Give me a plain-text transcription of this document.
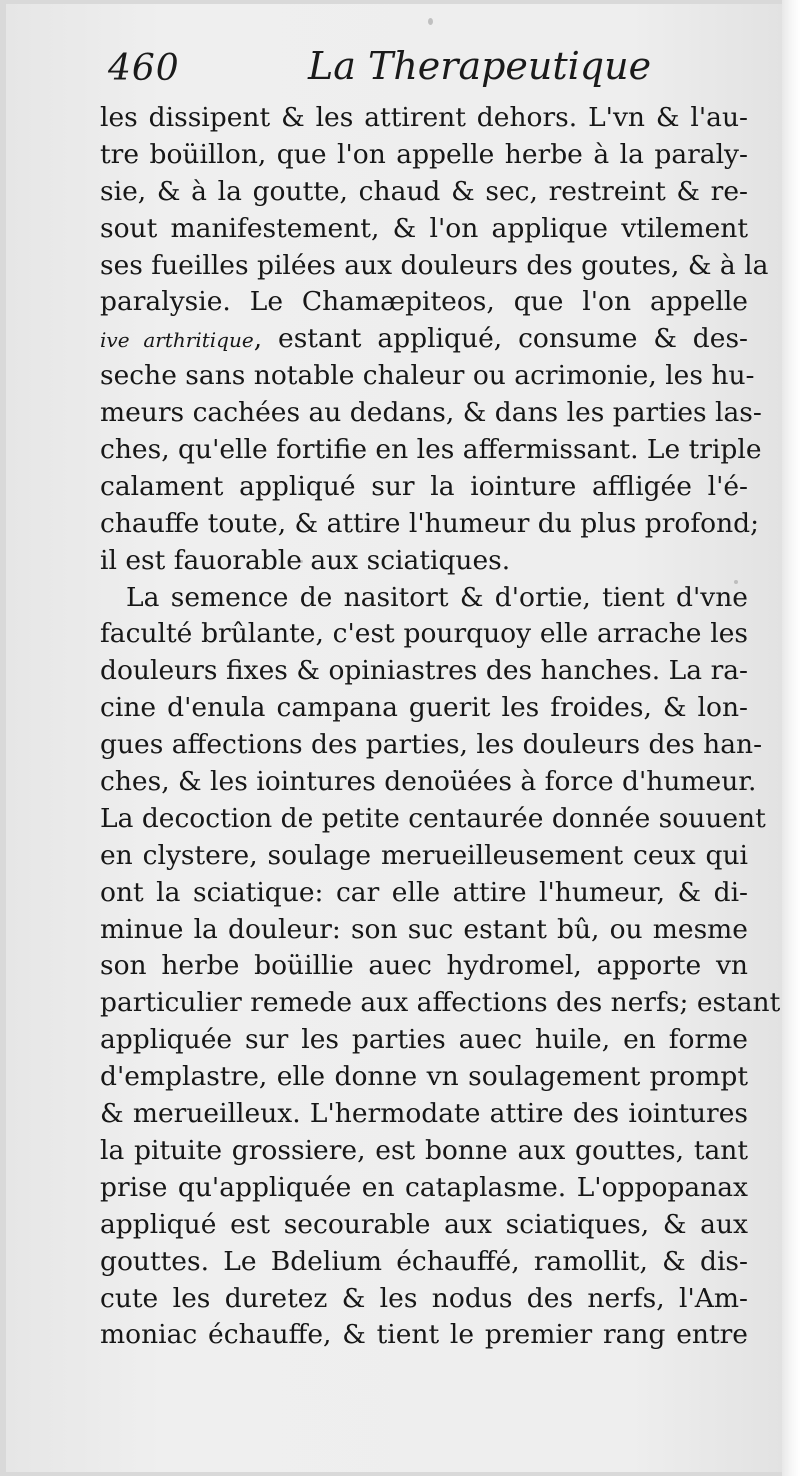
460	La Therapeutique
les dissipent & les attirent dehors. L'vn & l'au-
tre boüillon, que l'on appelle herbe à la paraly-
sie, & à la goutte, chaud & sec, restreint & re-
sout manifestement, & l'on applique vtilement
ses fueilles pilées aux douleurs des goutes, & à la
paralysie. Le Chamæpiteos, que l'on appelle
ive arthritique, estant appliqué, consume & des-
seche sans notable chaleur ou acrimonie, les hu-
meurs cachées au dedans, & dans les parties las-
ches, qu'elle fortifie en les affermissant. Le triple
calament appliqué sur la iointure affligée l'é-
chauffe toute, & attire l'humeur du plus profond;
il est fauorable aux sciatiques.
La semence de nasitort & d'ortie, tient d'vne
faculté brûlante, c'est pourquoy elle arrache les
douleurs fixes & opiniastres des hanches. La ra-
cine d'enula campana guerit les froides, & lon-
gues affections des parties, les douleurs des han-
ches, & les iointures denoüées à force d'humeur.
La decoction de petite centaurée donnée souuent
en clystere, soulage merueilleusement ceux qui
ont la sciatique: car elle attire l'humeur, & di-
minue la douleur: son suc estant bû, ou mesme
son herbe boüillie auec hydromel, apporte vn
particulier remede aux affections des nerfs; estant
appliquée sur les parties auec huile, en forme
d'emplastre, elle donne vn soulagement prompt
& merueilleux. L'hermodate attire des iointures
la pituite grossiere, est bonne aux gouttes, tant
prise qu'appliquée en cataplasme. L'oppopanax
appliqué est secourable aux sciatiques, & aux
gouttes. Le Bdelium échauffé, ramollit, & dis-
cute les duretez & les nodus des nerfs, l'Am-
moniac échauffe, & tient le premier rang entre
